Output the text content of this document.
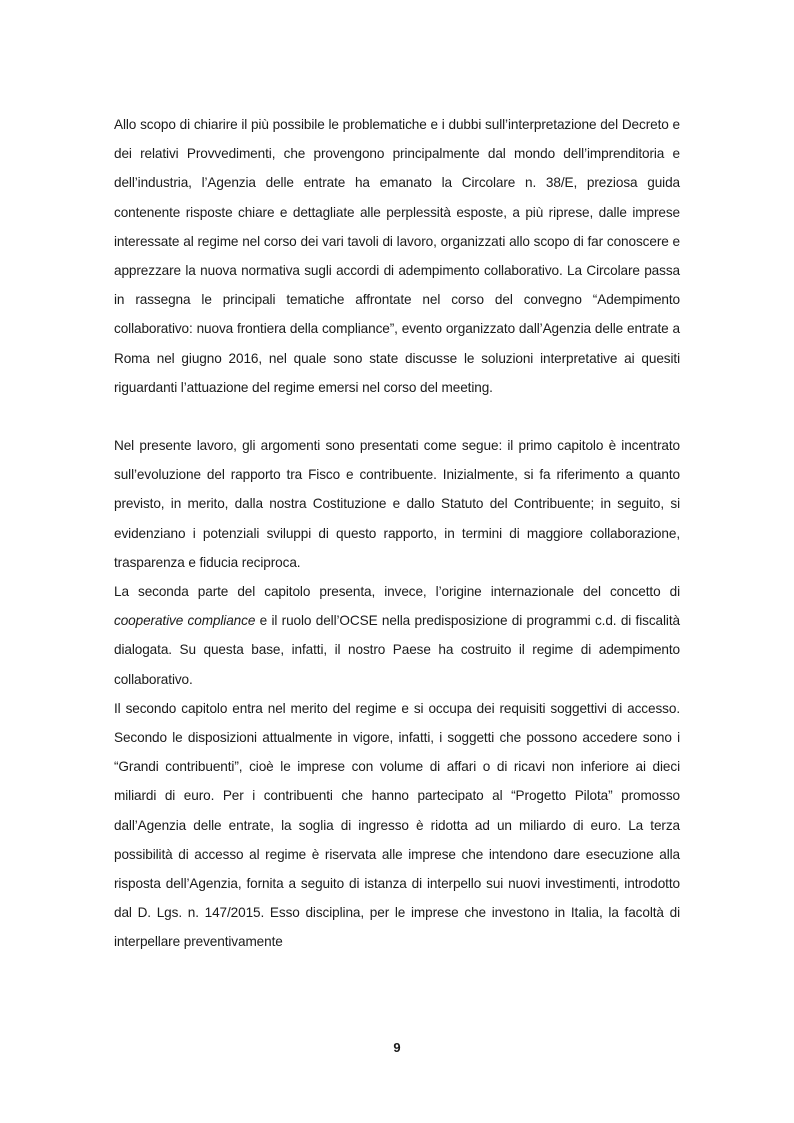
Allo scopo di chiarire il più possibile le problematiche e i dubbi sull’interpretazione del Decreto e dei relativi Provvedimenti, che provengono principalmente dal mondo dell’imprenditoria e dell’industria, l’Agenzia delle entrate ha emanato la Circolare n. 38/E, preziosa guida contenente risposte chiare e dettagliate alle perplessità esposte, a più riprese, dalle imprese interessate al regime nel corso dei vari tavoli di lavoro, organizzati allo scopo di far conoscere e apprezzare la nuova normativa sugli accordi di adempimento collaborativo. La Circolare passa in rassegna le principali tematiche affrontate nel corso del convegno “Adempimento collaborativo: nuova frontiera della compliance”, evento organizzato dall’Agenzia delle entrate a Roma nel giugno 2016, nel quale sono state discusse le soluzioni interpretative ai quesiti riguardanti l’attuazione del regime emersi nel corso del meeting.

Nel presente lavoro, gli argomenti sono presentati come segue: il primo capitolo è incentrato sull’evoluzione del rapporto tra Fisco e contribuente. Inizialmente, si fa riferimento a quanto previsto, in merito, dalla nostra Costituzione e dallo Statuto del Contribuente; in seguito, si evidenziano i potenziali sviluppi di questo rapporto, in termini di maggiore collaborazione, trasparenza e fiducia reciproca.

La seconda parte del capitolo presenta, invece, l’origine internazionale del concetto di cooperative compliance e il ruolo dell’OCSE nella predisposizione di programmi c.d. di fiscalità dialogata. Su questa base, infatti, il nostro Paese ha costruito il regime di adempimento collaborativo.

Il secondo capitolo entra nel merito del regime e si occupa dei requisiti soggettivi di accesso. Secondo le disposizioni attualmente in vigore, infatti, i soggetti che possono accedere sono i “Grandi contribuenti”, cioè le imprese con volume di affari o di ricavi non inferiore ai dieci miliardi di euro. Per i contribuenti che hanno partecipato al “Progetto Pilota” promosso dall’Agenzia delle entrate, la soglia di ingresso è ridotta ad un miliardo di euro. La terza possibilità di accesso al regime è riservata alle imprese che intendono dare esecuzione alla risposta dell’Agenzia, fornita a seguito di istanza di interpello sui nuovi investimenti, introdotto dal D. Lgs. n. 147/2015. Esso disciplina, per le imprese che investono in Italia, la facoltà di interpellare preventivamente

9
